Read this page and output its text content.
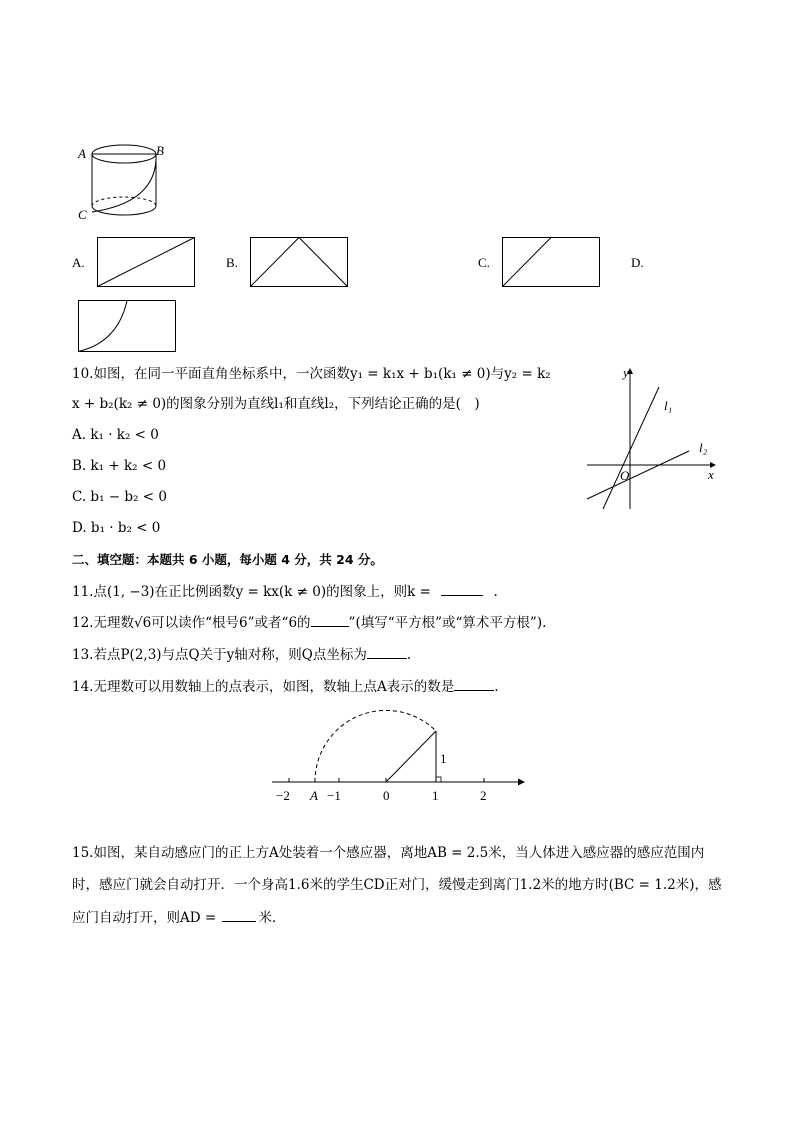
A	B
C
A.	B.	C.	D.
10.如图，在同一平面直角坐标系中，一次函数y₁ = k₁x + b₁(k₁ ≠ 0)与y₂ = k₂
x + b₂(k₂ ≠ 0)的图象分别为直线l₁和直线l₂，下列结论正确的是(　)
A. k₁ · k₂ < 0
B. k₁ + k₂ < 0
C. b₁ − b₂ < 0
D. b₁ · b₂ < 0
y
x
O
l₁
l₂
二、填空题：本题共 6 小题，每小题 4 分，共 24 分。
11.点(1, −3)在正比例函数y = kx(k ≠ 0)的图象上，则k =	.
12.无理数√6可以读作“根号6”或者“6的	”(填写“平方根”或“算术平方根”).
13.若点P(2,3)与点Q关于y轴对称，则Q点坐标为	.
14.无理数可以用数轴上的点表示，如图，数轴上点A表示的数是	.
−2 A −1	0	1	2
1
15.如图，某自动感应门的正上方A处装着一个感应器，离地AB = 2.5米，当人体进入感应器的感应范围内
时，感应门就会自动打开．一个身高1.6米的学生CD正对门，缓慢走到离门1.2米的地方时(BC = 1.2米)，感
应门自动打开，则AD =	米．
